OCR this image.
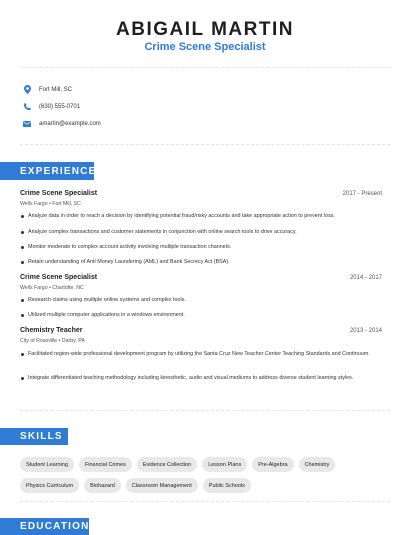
ABIGAIL MARTIN
Crime Scene Specialist
Fort Mill, SC
(630) 555-0701
amartin@example.com
EXPERIENCE
Crime Scene Specialist	2017 - Present
Wells Fargo • Fort Mill, SC
Analyze data in order to reach a decision by identifying potential fraud/risky accounts and take appropriate action to prevent loss.
Analyze complex transactions and customer statements in conjunction with online search tools to drive accuracy.
Monitor moderate to complex account activity involving multiple transaction channels.
Retain understanding of Anti Money Laundering (AML) and Bank Secrecy Act (BSA).
Crime Scene Specialist	2014 - 2017
Wells Fargo • Charlotte, NC
Research claims using multiple online systems and complex tools.
Utilized multiple computer applications in a windows environment.
Chemistry Teacher	2013 - 2014
City of Roseville • Darby, PA
Facilitated region-wide professional development program by utilizing the Santa Cruz New Teacher Center Teaching Standards and Continuum.
Integrate differentiated teaching methodology including kinesthetic, audio and visual mediums to address diverse student learning styles.
SKILLS
Student Learning	Financial Crimes	Evidence Collection	Lesson Plans	Pre-Algebra	Chemistry
Physics Curriculum	Biohazard	Classroom Management	Public Schools
EDUCATION
